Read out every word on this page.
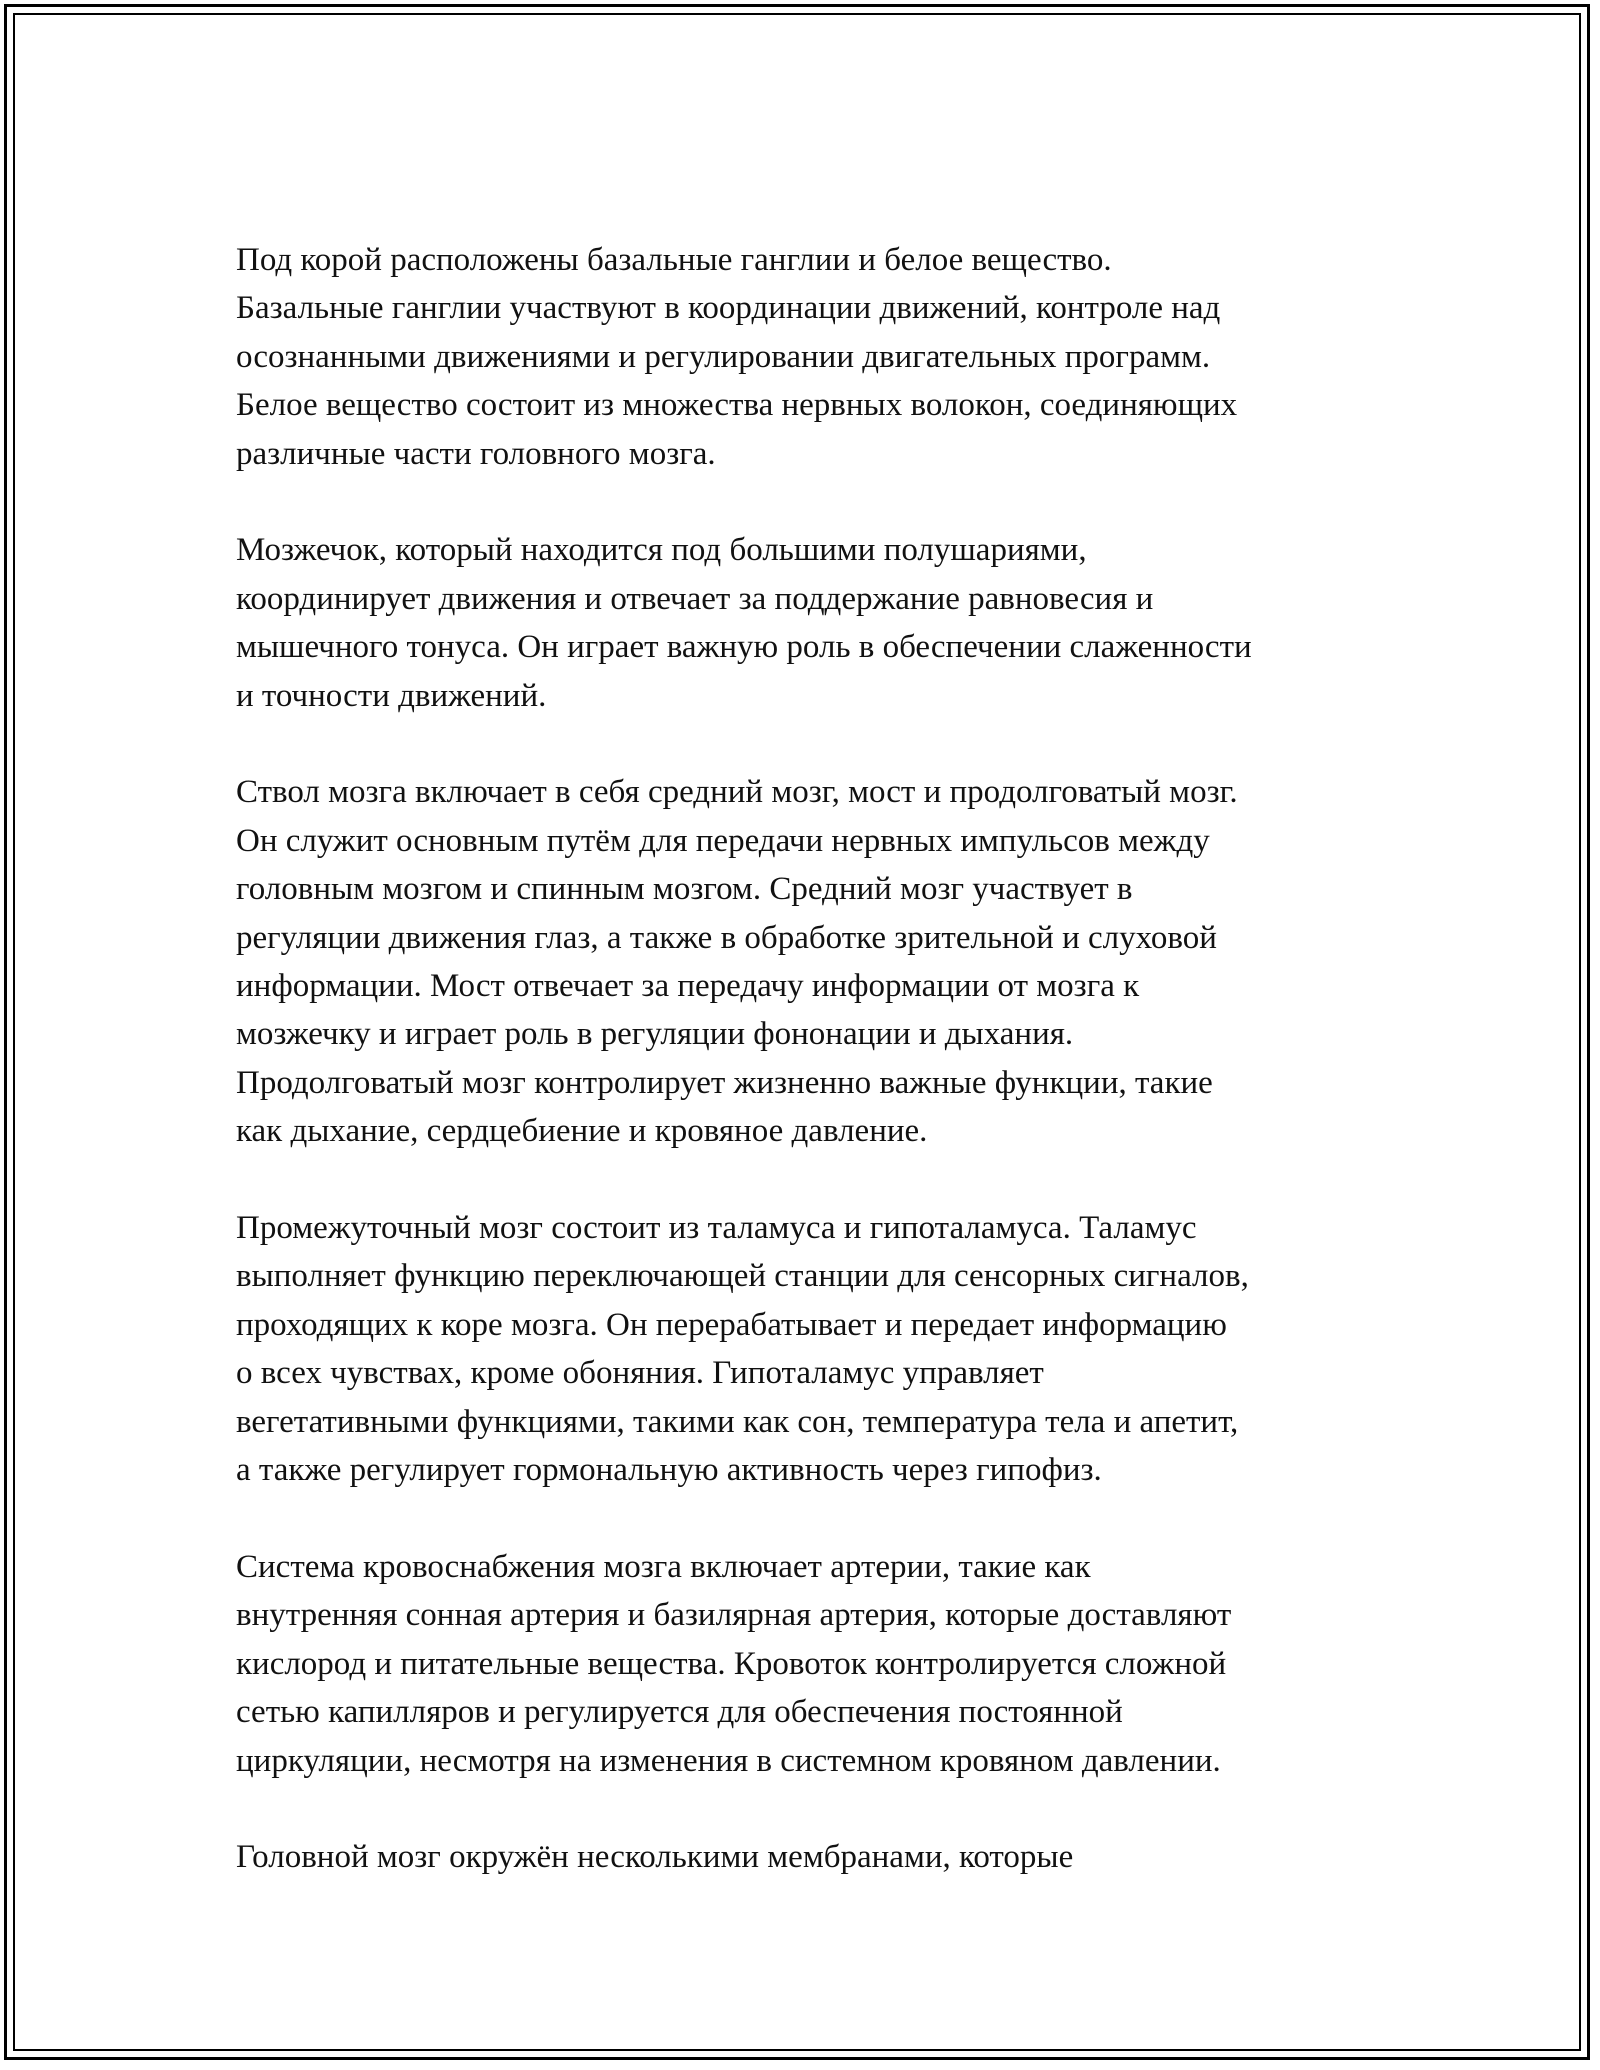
Под корой расположены базальные ганглии и белое вещество.
Базальные ганглии участвуют в координации движений, контроле над
осознанными движениями и регулировании двигательных программ.
Белое вещество состоит из множества нервных волокон, соединяющих
различные части головного мозга.

Мозжечок, который находится под большими полушариями,
координирует движения и отвечает за поддержание равновесия и
мышечного тонуса. Он играет важную роль в обеспечении слаженности
и точности движений.

Ствол мозга включает в себя средний мозг, мост и продолговатый мозг.
Он служит основным путём для передачи нервных импульсов между
головным мозгом и спинным мозгом. Средний мозг участвует в
регуляции движения глаз, а также в обработке зрительной и слуховой
информации. Мост отвечает за передачу информации от мозга к
мозжечку и играет роль в регуляции фононации и дыхания.
Продолговатый мозг контролирует жизненно важные функции, такие
как дыхание, сердцебиение и кровяное давление.

Промежуточный мозг состоит из таламуса и гипоталамуса. Таламус
выполняет функцию переключающей станции для сенсорных сигналов,
проходящих к коре мозга. Он перерабатывает и передает информацию
о всех чувствах, кроме обоняния. Гипоталамус управляет
вегетативными функциями, такими как сон, температура тела и апетит,
а также регулирует гормональную активность через гипофиз.

Система кровоснабжения мозга включает артерии, такие как
внутренняя сонная артерия и базилярная артерия, которые доставляют
кислород и питательные вещества. Кровоток контролируется сложной
сетью капилляров и регулируется для обеспечения постоянной
циркуляции, несмотря на изменения в системном кровяном давлении.

Головной мозг окружён несколькими мембранами, которые
